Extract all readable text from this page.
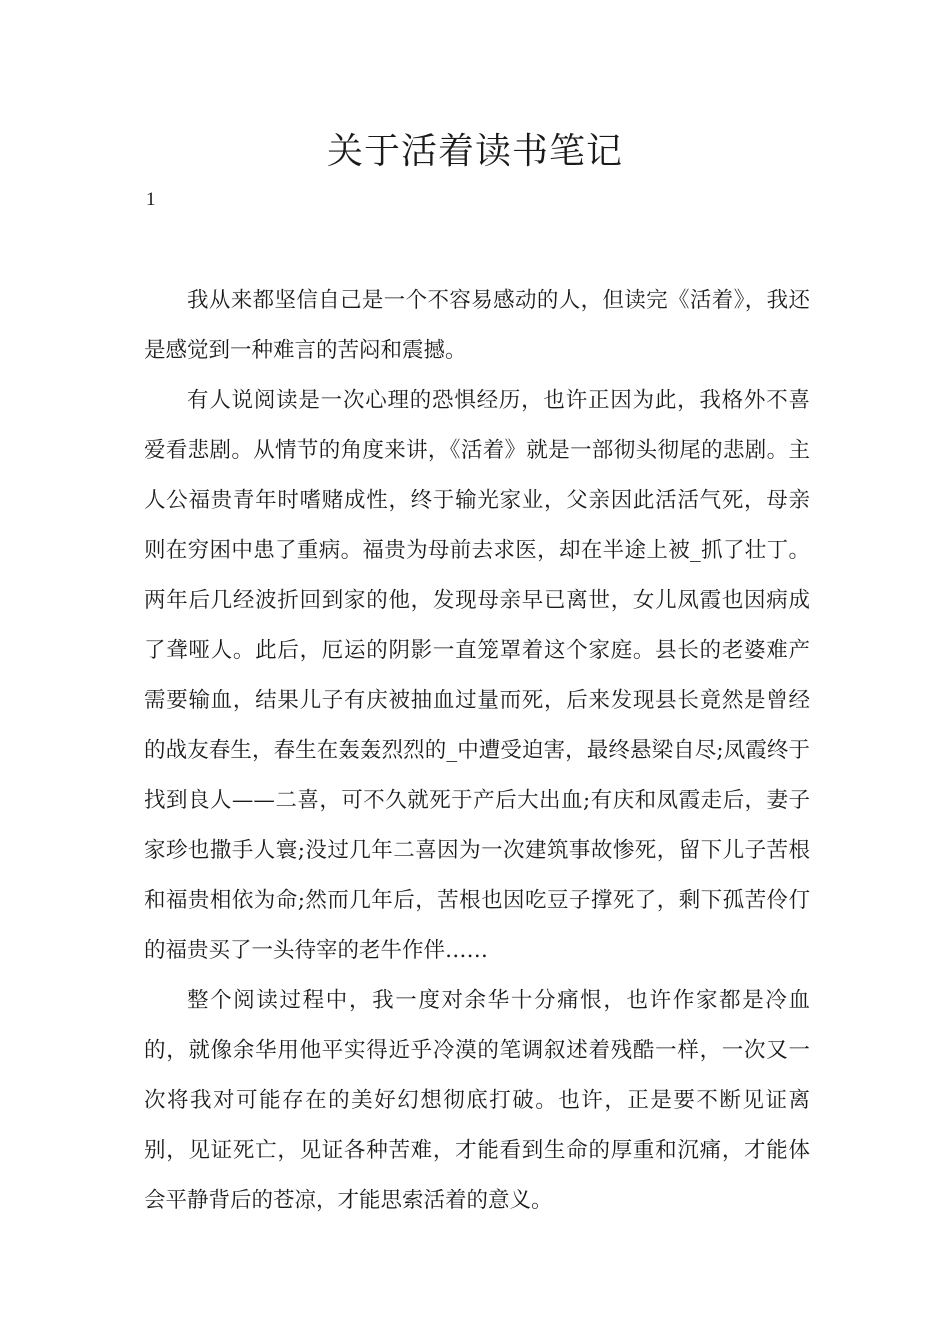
关于活着读书笔记
1

我从来都坚信自己是一个不容易感动的人，但读完《活着》，我还是感觉到一种难言的苦闷和震撼。

有人说阅读是一次心理的恐惧经历，也许正因为此，我格外不喜爱看悲剧。从情节的角度来讲，《活着》就是一部彻头彻尾的悲剧。主人公福贵青年时嗜赌成性，终于输光家业，父亲因此活活气死，母亲则在穷困中患了重病。福贵为母前去求医，却在半途上被_抓了壮丁。两年后几经波折回到家的他，发现母亲早已离世，女儿凤霞也因病成了聋哑人。此后，厄运的阴影一直笼罩着这个家庭。县长的老婆难产需要输血，结果儿子有庆被抽血过量而死，后来发现县长竟然是曾经的战友春生，春生在轰轰烈烈的_中遭受迫害，最终悬梁自尽;凤霞终于找到良人——二喜，可不久就死于产后大出血;有庆和凤霞走后，妻子家珍也撒手人寰;没过几年二喜因为一次建筑事故惨死，留下儿子苦根和福贵相依为命;然而几年后，苦根也因吃豆子撑死了，剩下孤苦伶仃的福贵买了一头待宰的老牛作伴……

整个阅读过程中，我一度对余华十分痛恨，也许作家都是冷血的，就像余华用他平实得近乎冷漠的笔调叙述着残酷一样，一次又一次将我对可能存在的美好幻想彻底打破。也许，正是要不断见证离别，见证死亡，见证各种苦难，才能看到生命的厚重和沉痛，才能体会平静背后的苍凉，才能思索活着的意义。
